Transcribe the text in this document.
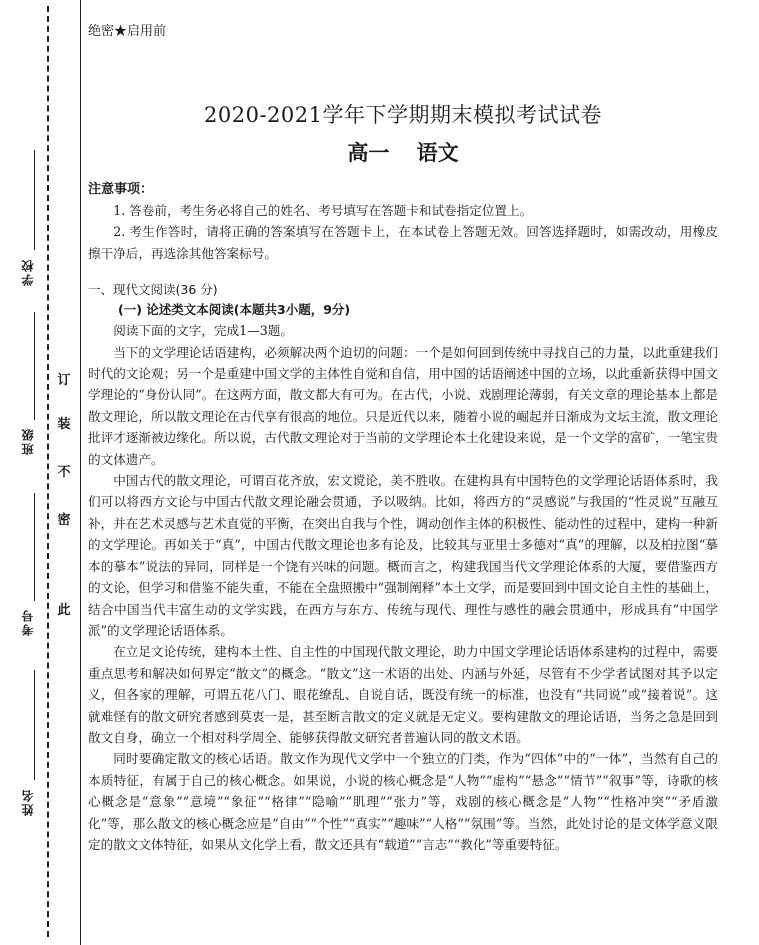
学校
班级
考号
姓名
订
装
不
密
此
绝密★启用前
2020-2021学年下学期期末模拟考试试卷
高一 语文
注意事项：

1. 答卷前，考生务必将自己的姓名、考号填写在答题卡和试卷指定位置上。

2. 考生作答时，请将正确的答案填写在答题卡上，在本试卷上答题无效。回答选择题时，如需改动，用橡皮擦干净后，再选涂其他答案标号。

一、现代文阅读(36 分)
(一) 论述类文本阅读(本题共3小题，9分)

阅读下面的文字，完成1—3题。

当下的文学理论话语建构，必须解决两个迫切的问题：一个是如何回到传统中寻找自己的力量，以此重建我们时代的文论观；另一个是重建中国文学的主体性自觉和自信，用中国的话语阐述中国的立场，以此重新获得中国文学理论的“身份认同”。在这两方面，散文都大有可为。在古代，小说、戏剧理论薄弱，有关文章的理论基本上都是散文理论，所以散文理论在古代享有很高的地位。只是近代以来，随着小说的崛起并日渐成为文坛主流，散文理论批评才逐渐被边缘化。所以说，古代散文理论对于当前的文学理论本土化建设来说，是一个文学的富矿，一笔宝贵的文体遗产。

中国古代的散文理论，可谓百花齐放，宏文谠论，美不胜收。在建构具有中国特色的文学理论话语体系时，我们可以将西方文论与中国古代散文理论融会贯通，予以吸纳。比如，将西方的“灵感说”与我国的“性灵说”互融互补，并在艺术灵感与艺术直觉的平衡，在突出自我与个性，调动创作主体的积极性、能动性的过程中，建构一种新的文学理论。再如关于“真”，中国古代散文理论也多有论及，比较其与亚里士多德对“真”的理解，以及柏拉图“摹本的摹本”说法的异同，同样是一个饶有兴味的问题。概而言之，构建我国当代文学理论体系的大厦，要借鉴西方的文论，但学习和借鉴不能失重，不能在全盘照搬中“强制阐释”本土文学，而是要回到中国文论自主性的基础上，结合中国当代丰富生动的文学实践，在西方与东方、传统与现代、理性与感性的融会贯通中，形成具有“中国学派”的文学理论话语体系。

在立足文论传统，建构本土性、自主性的中国现代散文理论，助力中国文学理论话语体系建构的过程中，需要重点思考和解决如何界定“散文”的概念。“散文”这一术语的出处、内涵与外延，尽管有不少学者试图对其予以定义，但各家的理解，可谓五花八门、眼花缭乱、自说自话，既没有统一的标准，也没有“共同说”或“接着说”。这就难怪有的散文研究者感到莫衷一是，甚至断言散文的定义就是无定义。要构建散文的理论话语，当务之急是回到散文自身，确立一个相对科学周全、能够获得散文研究者普遍认同的散文术语。

同时要确定散文的核心话语。散文作为现代文学中一个独立的门类，作为“四体”中的“一体”，当然有自己的本质特征，有属于自己的核心概念。如果说，小说的核心概念是“人物”“虚构”“悬念”“情节”“叙事”等，诗歌的核心概念是“意象”“意境”“象征”“格律”“隐喻”“肌理”“张力”等，戏剧的核心概念是“人物”“性格冲突”“矛盾激化”等，那么散文的核心概念应是“自由”“个性”“真实”“趣味”“人格”“氛围”等。当然，此处讨论的是文体学意义限定的散文文体特征，如果从文化学上看，散文还具有“载道”“言志”“教化”等重要特征。
